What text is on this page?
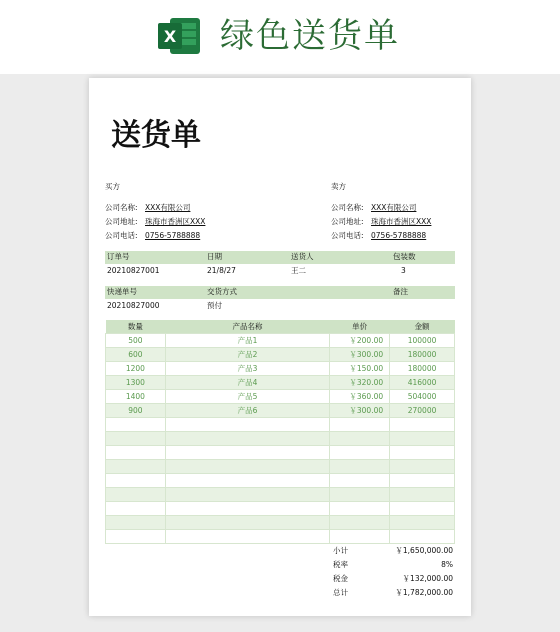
X 绿色送货单
送货单
买方
公司名称: XXX有限公司
公司地址: 珠海市香洲区XXX
公司电话: 0756-5788888
卖方
公司名称: XXX有限公司
公司地址: 珠海市香洲区XXX
公司电话: 0756-5788888
订单号	日期	送货人	包装数
20210827001	21/8/27	王二	3
快递单号	交货方式	备注
20210827000	预付
数量	产品名称	单价	金额
500	产品1	￥200.00	100000
600	产品2	￥300.00	180000
1200	产品3	￥150.00	180000
1300	产品4	￥320.00	416000
1400	产品5	￥360.00	504000
900	产品6	￥300.00	270000

小计	￥1,650,000.00
税率	8%
税金	￥132,000.00
总计	￥1,782,000.00
